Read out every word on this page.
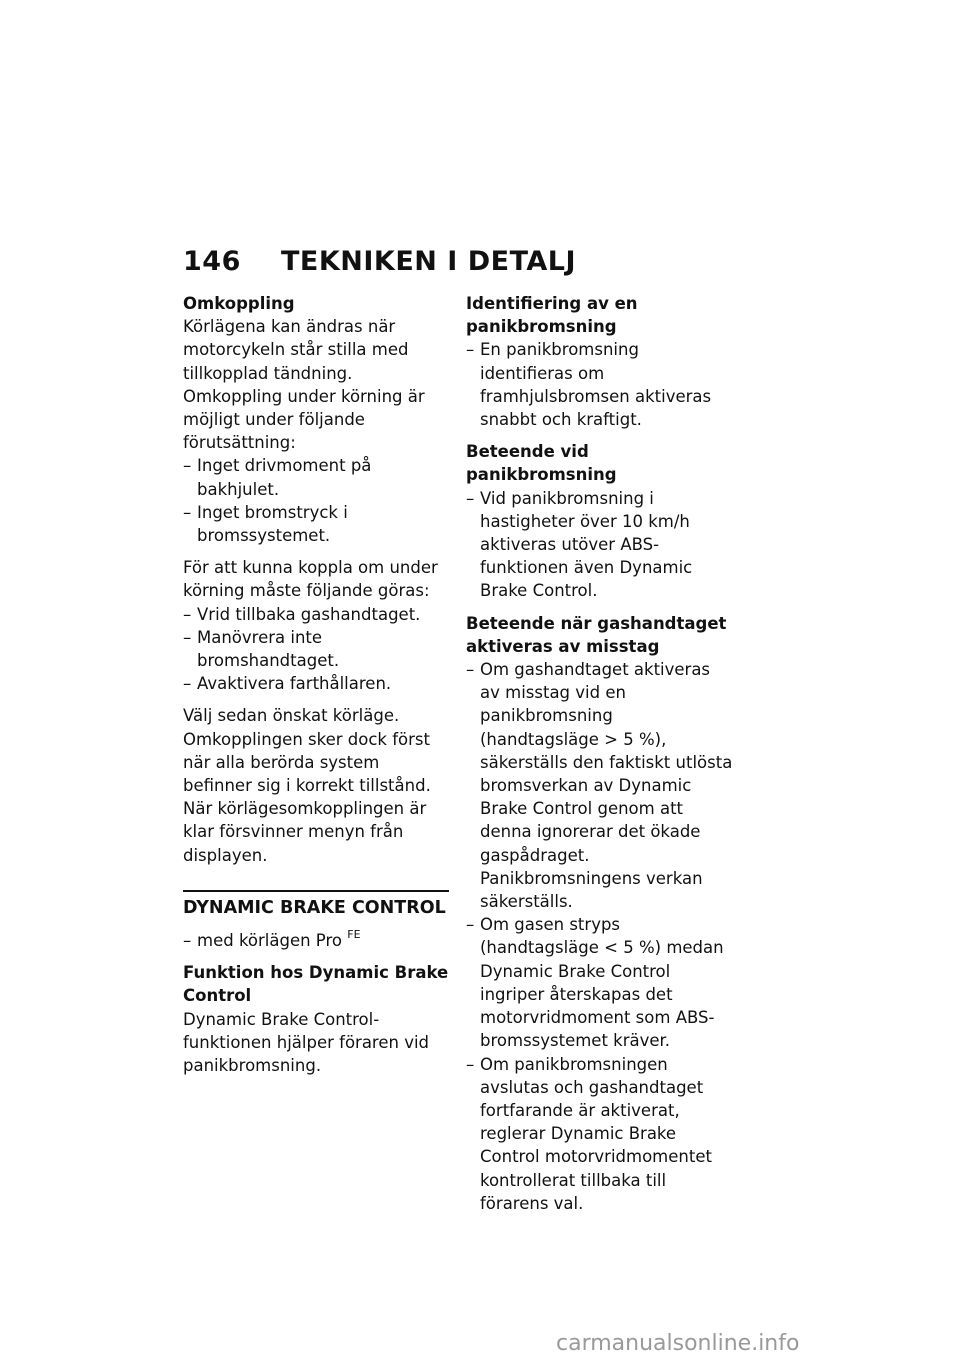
146 TEKNIKEN I DETALJ

Omkoppling

Körlägena kan ändras när motorcykeln står stilla med tillkopplad tändning. Omkoppling under körning är möjligt under följande förutsättning:

– Inget drivmoment på bakhjulet.
– Inget bromstryck i bromssystemet.

För att kunna koppla om under körning måste följande göras:

– Vrid tillbaka gashandtaget.
– Manövrera inte bromshandtaget.
– Avaktivera farthållaren.

Välj sedan önskat körläge. Omkopplingen sker dock först när alla berörda system befinner sig i korrekt tillstånd.

När körlägesomkopplingen är klar försvinner menyn från displayen.

DYNAMIC BRAKE CONTROL

– med körlägen Pro $^{FE}$

Funktion hos Dynamic Brake Control

Dynamic Brake Control-funktionen hjälper föraren vid panikbromsning.

Identifiering av en panikbromsning

– En panikbromsning identifieras om framhjulsbromsen aktiveras snabbt och kraftigt.

Beteende vid panikbromsning

– Vid panikbromsning i hastigheter över 10 km/h aktiveras utöver ABS-funktionen även Dynamic Brake Control.

Beteende när gashandtaget aktiveras av misstag

– Om gashandtaget aktiveras av misstag vid en panikbromsning (handtagsläge > 5 %), säkerställs den faktiskt utlösta bromsverkan av Dynamic Brake Control genom att denna ignorerar det ökade gaspådraget. Panikbromsningens verkan säkerställs.
– Om gasen stryps (handtagsläge < 5 %) medan Dynamic Brake Control ingriper återskapas det motorvridmoment som ABS-bromssystemet kräver.
– Om panikbromsningen avslutas och gashandtaget fortfarande är aktiverat, reglerar Dynamic Brake Control motorvridmomentet kontrollerat tillbaka till förarens val.
carmanualsonline.info
